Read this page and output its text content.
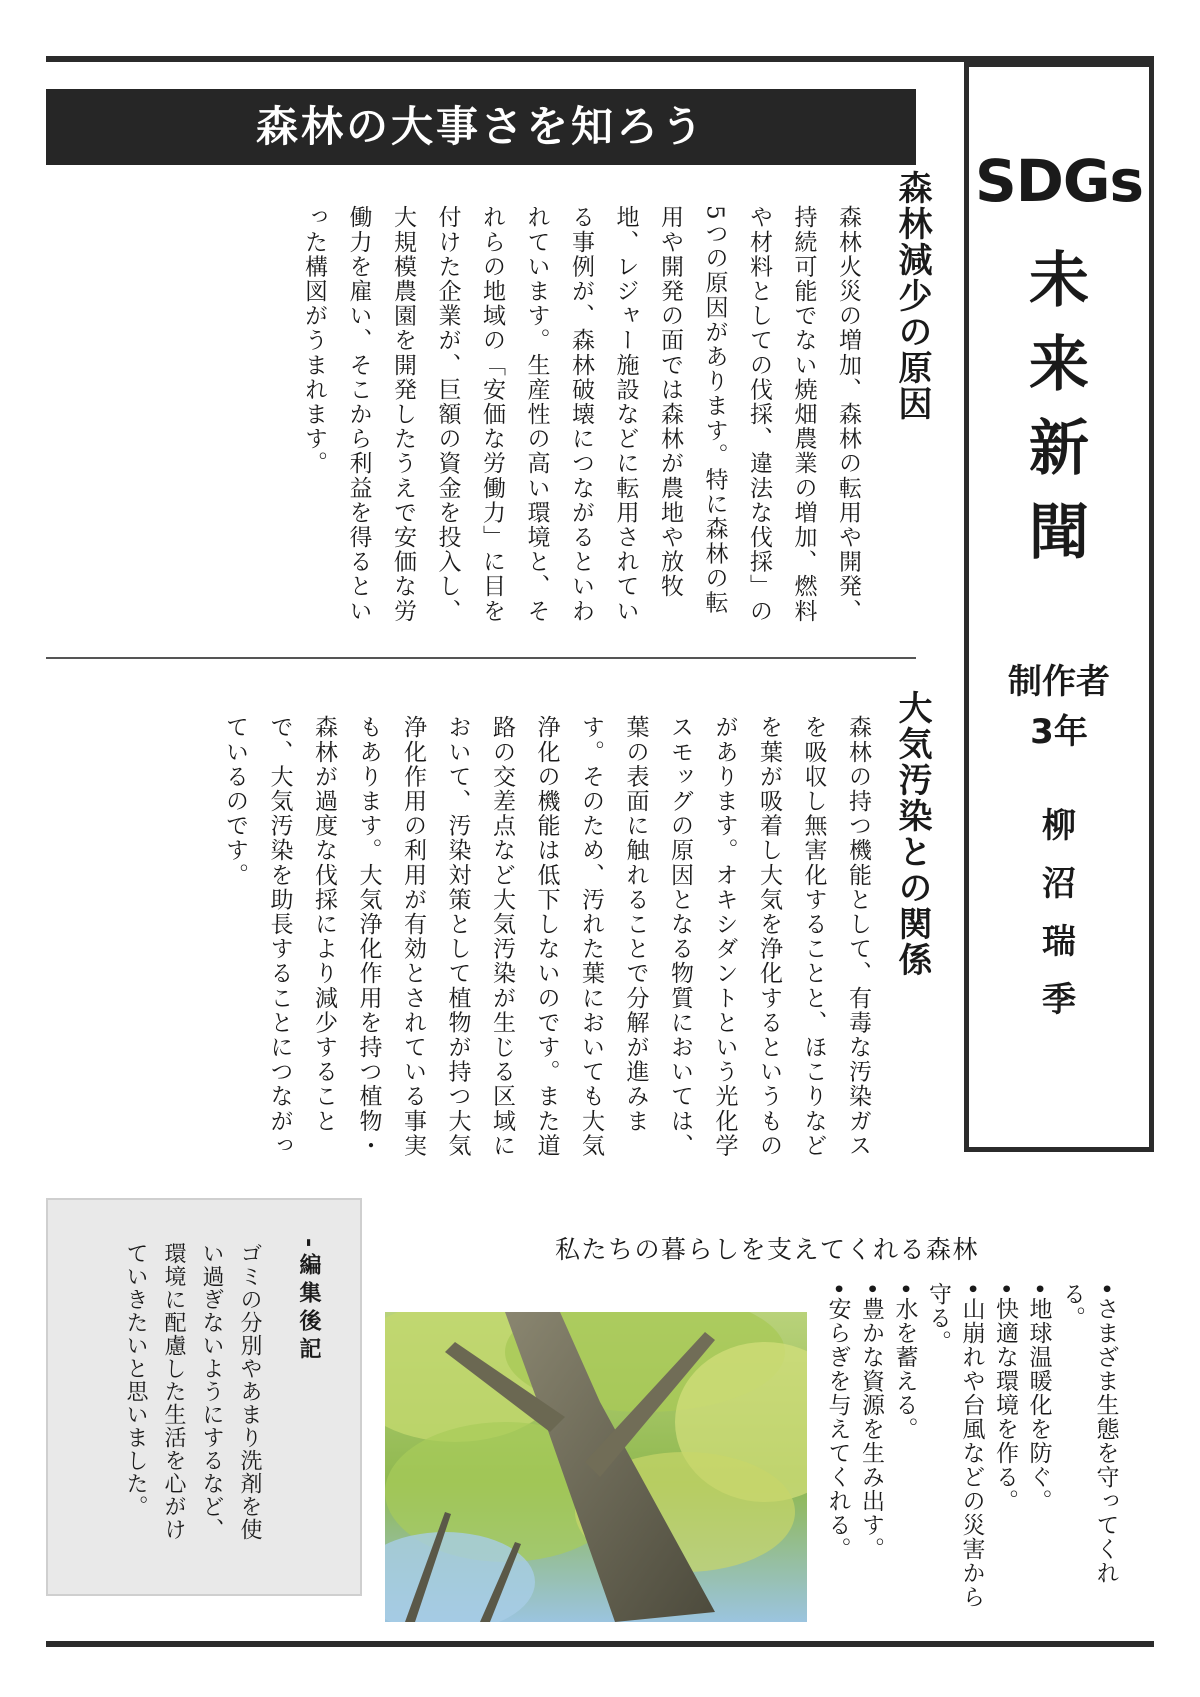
SDGs
未
来
新
聞
制作者
3年
柳
沼
瑞
季
森林の大事さを知ろう
森林減少の原因
森林火災の増加、森林の転用や開発、持続可能でない焼畑農業の増加、燃料や材料としての伐採、違法な伐採」の5つの原因があります。特に森林の転用や開発の面では森林が農地や放牧地、レジャー施設などに転用されている事例が、森林破壊につながるといわれています。生産性の高い環境と、それらの地域の「安価な労働力」に目を付けた企業が、巨額の資金を投入し、大規模農園を開発したうえで安価な労働力を雇い、そこから利益を得るといった構図がうまれます。
大気汚染との関係
森林の持つ機能として、有毒な汚染ガスを吸収し無害化することと、ほこりなどを葉が吸着し大気を浄化するというものがあります。オキシダントという光化学スモッグの原因となる物質においては、葉の表面に触れることで分解が進みます。そのため、汚れた葉においても大気浄化の機能は低下しないのです。また道路の交差点など大気汚染が生じる区域において、汚染対策として植物が持つ大気浄化作用の利用が有効とされている事実もあります。大気浄化作用を持つ植物・森林が過度な伐採により減少することで、大気汚染を助長することにつながっているのです。
-編集後記
ゴミの分別やあまり洗剤を使い過ぎないようにするなど、環境に配慮した生活を心がけていきたいと思いました。	私たちの暮らしを支えてくれる森林
•さまざま生態を守ってくれる。
•地球温暖化を防ぐ。
•快適な環境を作る。
•山崩れや台風などの災害から守る。
•水を蓄える。
•豊かな資源を生み出す。
•安らぎを与えてくれる。
